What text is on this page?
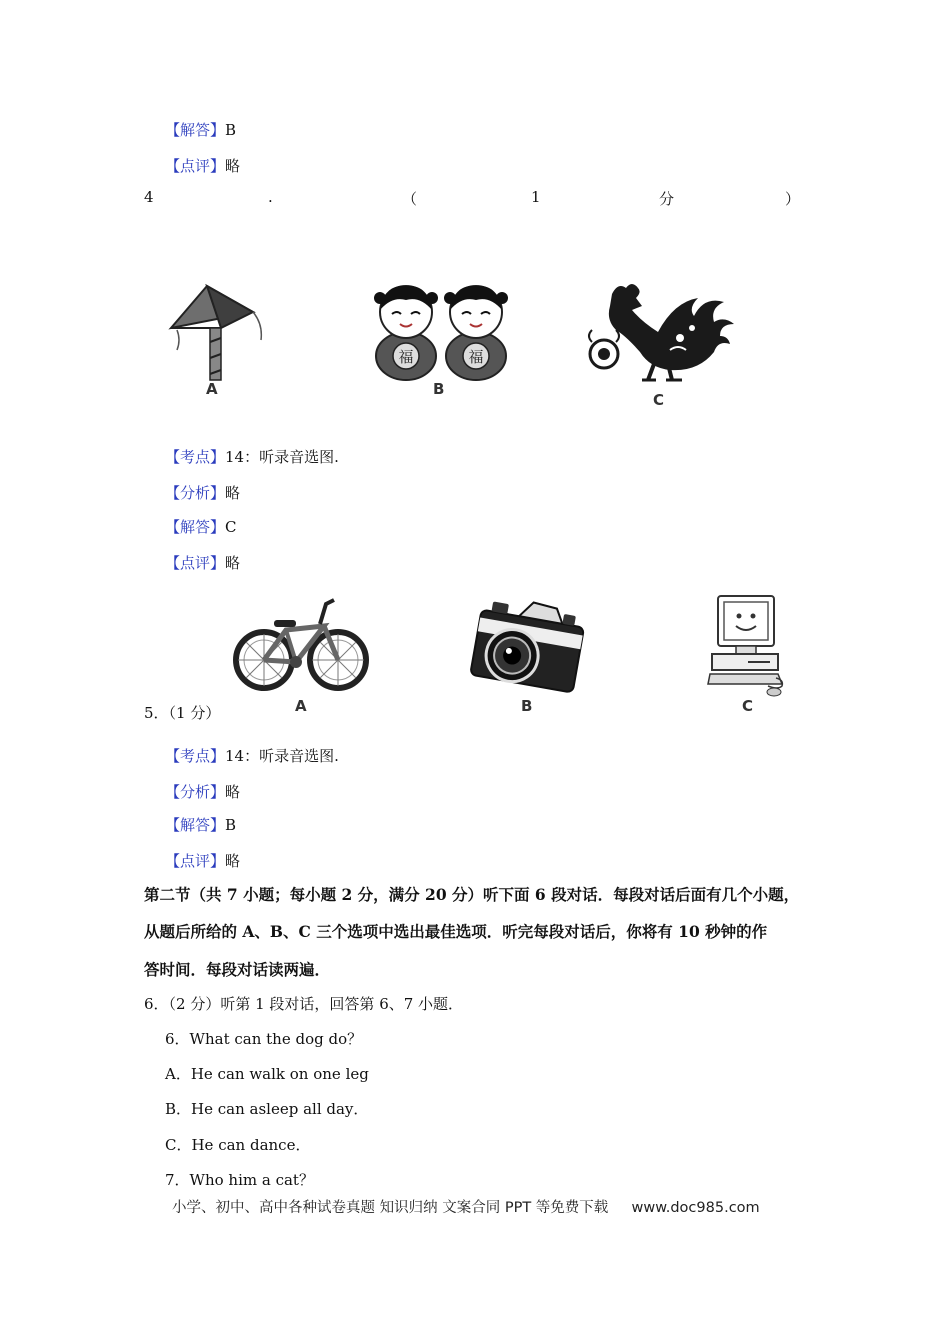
【解答】B
【点评】略
4	.	（	1	分	）
A
福	福
B
C
【考点】14：听录音选图.
【分析】略
【解答】C
【点评】略
A	B	C
5．（1 分）
【考点】14：听录音选图.
【分析】略
【解答】B
【点评】略
第二节（共 7 小题；每小题 2 分，满分 20 分）听下面 6 段对话．每段对话后面有几个小题，
从题后所给的 A、B、C 三个选项中选出最佳选项．听完每段对话后，你将有 10 秒钟的作
答时间．每段对话读两遍．
6．（2 分）听第 1 段对话，回答第 6、7 小题．
6．What can the dog do？
A．He can walk on one leg
B．He can asleep all day．
C．He can dance．
7．Who him a cat？
小学、初中、高中各种试卷真题 知识归纳 文案合同 PPT 等免费下载 www.doc985.com
